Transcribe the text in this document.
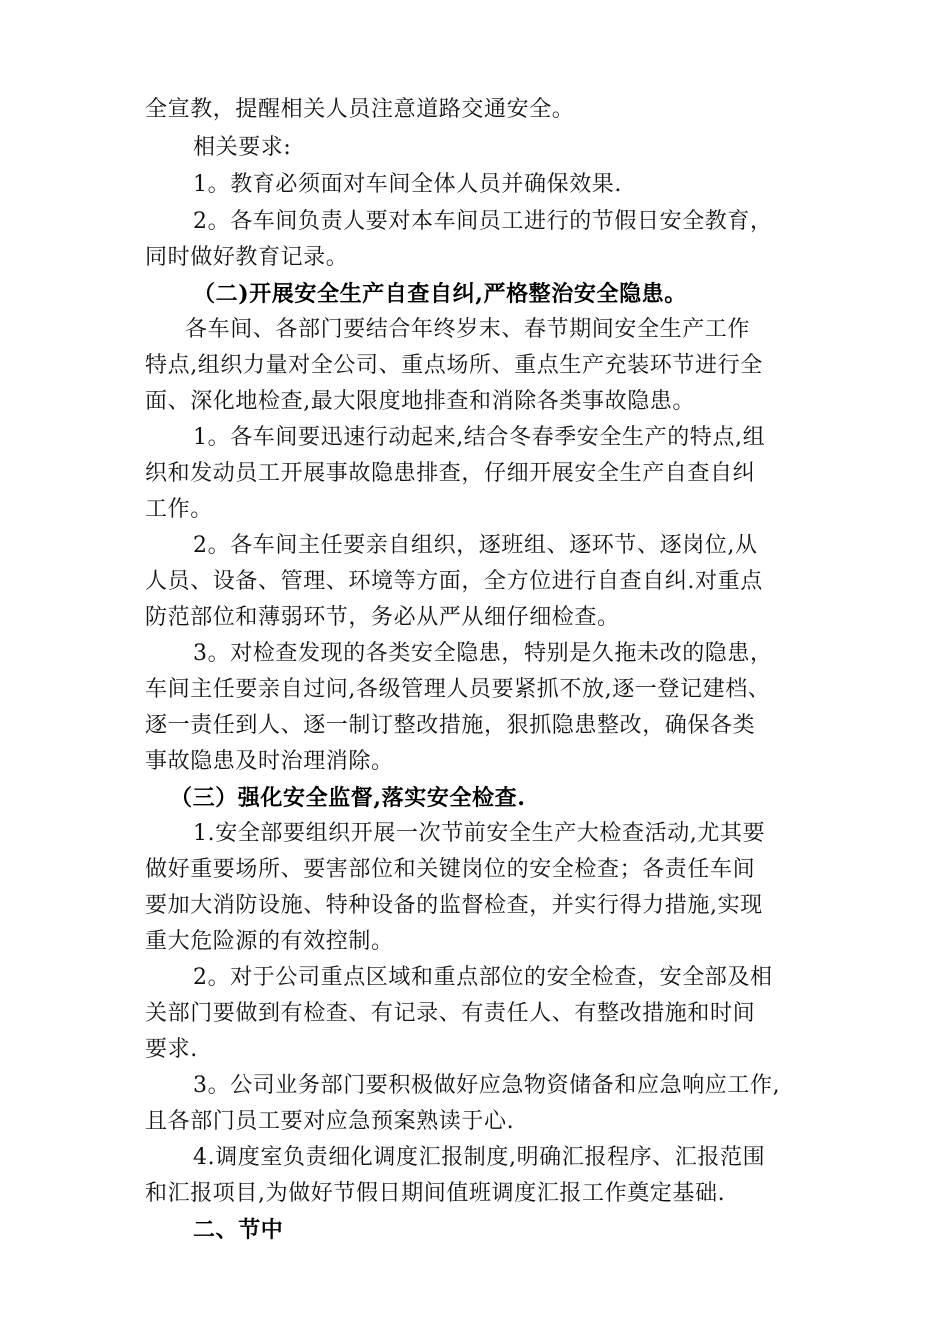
全宣教，提醒相关人员注意道路交通安全。
相关要求:
1。教育必须面对车间全体人员并确保效果.
2。各车间负责人要对本车间员工进行的节假日安全教育，
同时做好教育记录。
（二)开展安全生产自查自纠,严格整治安全隐患。
各车间、各部门要结合年终岁末、春节期间安全生产工作
特点,组织力量对全公司、重点场所、重点生产充装环节进行全
面、深化地检查,最大限度地排查和消除各类事故隐患。
1。各车间要迅速行动起来,结合冬春季安全生产的特点,组
织和发动员工开展事故隐患排查，仔细开展安全生产自查自纠
工作。
2。各车间主任要亲自组织，逐班组、逐环节、逐岗位,从
人员、设备、管理、环境等方面，全方位进行自查自纠.对重点
防范部位和薄弱环节，务必从严从细仔细检查。
3。对检查发现的各类安全隐患，特别是久拖未改的隐患，
车间主任要亲自过问,各级管理人员要紧抓不放,逐一登记建档、
逐一责任到人、逐一制订整改措施，狠抓隐患整改，确保各类
事故隐患及时治理消除。
（三）强化安全监督,落实安全检查.
1.安全部要组织开展一次节前安全生产大检查活动,尤其要
做好重要场所、要害部位和关键岗位的安全检查；各责任车间
要加大消防设施、特种设备的监督检查，并实行得力措施,实现
重大危险源的有效控制。
2。对于公司重点区域和重点部位的安全检查，安全部及相
关部门要做到有检查、有记录、有责任人、有整改措施和时间
要求.
3。公司业务部门要积极做好应急物资储备和应急响应工作,
且各部门员工要对应急预案熟读于心.
4.调度室负责细化调度汇报制度,明确汇报程序、汇报范围
和汇报项目,为做好节假日期间值班调度汇报工作奠定基础.
二、节中
